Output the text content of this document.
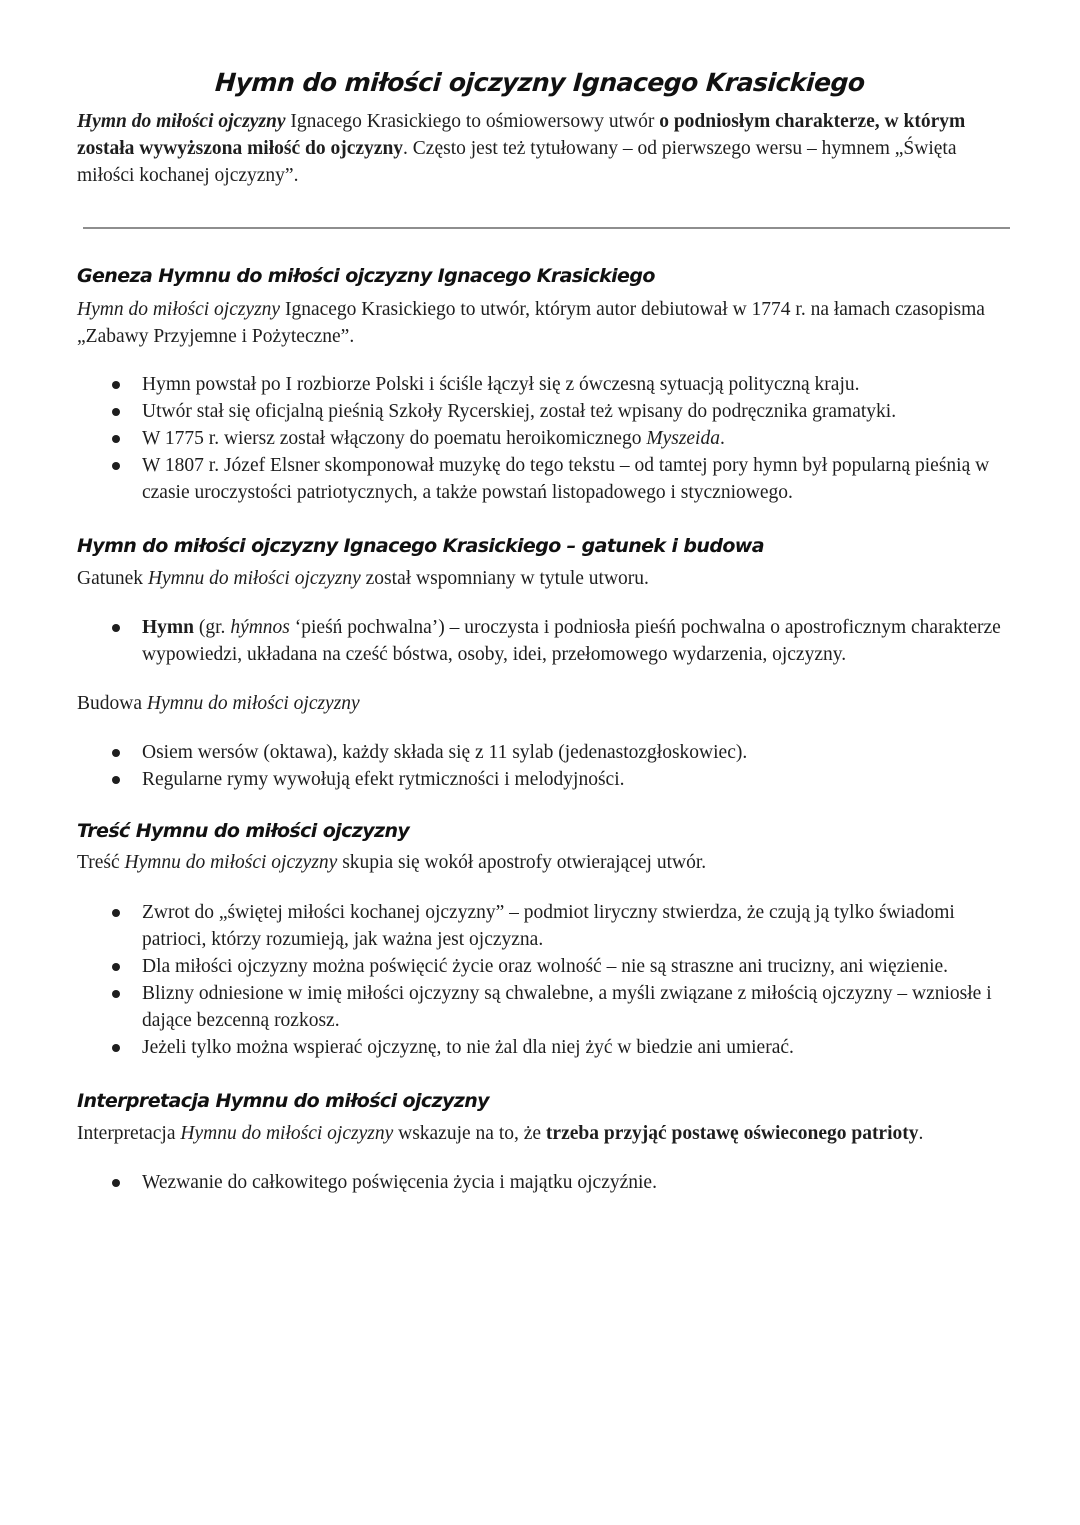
Hymn do miłości ojczyzny Ignacego Krasickiego
Hymn do miłości ojczyzny Ignacego Krasickiego to ośmiowersowy utwór o podniosłym charakterze, w którym została wywyższona miłość do ojczyzny. Często jest też tytułowany – od pierwszego wersu – hymnem „Święta miłości kochanej ojczyzny”.
Geneza Hymnu do miłości ojczyzny Ignacego Krasickiego
Hymn do miłości ojczyzny Ignacego Krasickiego to utwór, którym autor debiutował w 1774 r. na łamach czasopisma „Zabawy Przyjemne i Pożyteczne”.
Hymn powstał po I rozbiorze Polski i ściśle łączył się z ówczesną sytuacją polityczną kraju.
Utwór stał się oficjalną pieśnią Szkoły Rycerskiej, został też wpisany do podręcznika gramatyki.
W 1775 r. wiersz został włączony do poematu heroikomicznego Myszeida.
W 1807 r. Józef Elsner skomponował muzykę do tego tekstu – od tamtej pory hymn był popularną pieśnią w czasie uroczystości patriotycznych, a także powstań listopadowego i styczniowego.
Hymn do miłości ojczyzny Ignacego Krasickiego – gatunek i budowa
Gatunek Hymnu do miłości ojczyzny został wspomniany w tytule utworu.
Hymn (gr. hýmnos ‘pieśń pochwalna’) – uroczysta i podniosła pieśń pochwalna o apostroficznym charakterze wypowiedzi, układana na cześć bóstwa, osoby, idei, przełomowego wydarzenia, ojczyzny.
Budowa Hymnu do miłości ojczyzny
Osiem wersów (oktawa), każdy składa się z 11 sylab (jedenastozgłoskowiec).
Regularne rymy wywołują efekt rytmiczności i melodyjności.
Treść Hymnu do miłości ojczyzny
Treść Hymnu do miłości ojczyzny skupia się wokół apostrofy otwierającej utwór.
Zwrot do „świętej miłości kochanej ojczyzny” – podmiot liryczny stwierdza, że czują ją tylko świadomi patrioci, którzy rozumieją, jak ważna jest ojczyzna.
Dla miłości ojczyzny można poświęcić życie oraz wolność – nie są straszne ani trucizny, ani więzienie.
Blizny odniesione w imię miłości ojczyzny są chwalebne, a myśli związane z miłością ojczyzny – wzniosłe i dające bezcenną rozkosz.
Jeżeli tylko można wspierać ojczyznę, to nie żal dla niej żyć w biedzie ani umierać.
Interpretacja Hymnu do miłości ojczyzny
Interpretacja Hymnu do miłości ojczyzny wskazuje na to, że trzeba przyjąć postawę oświeconego patrioty.
Wezwanie do całkowitego poświęcenia życia i majątku ojczyźnie.
